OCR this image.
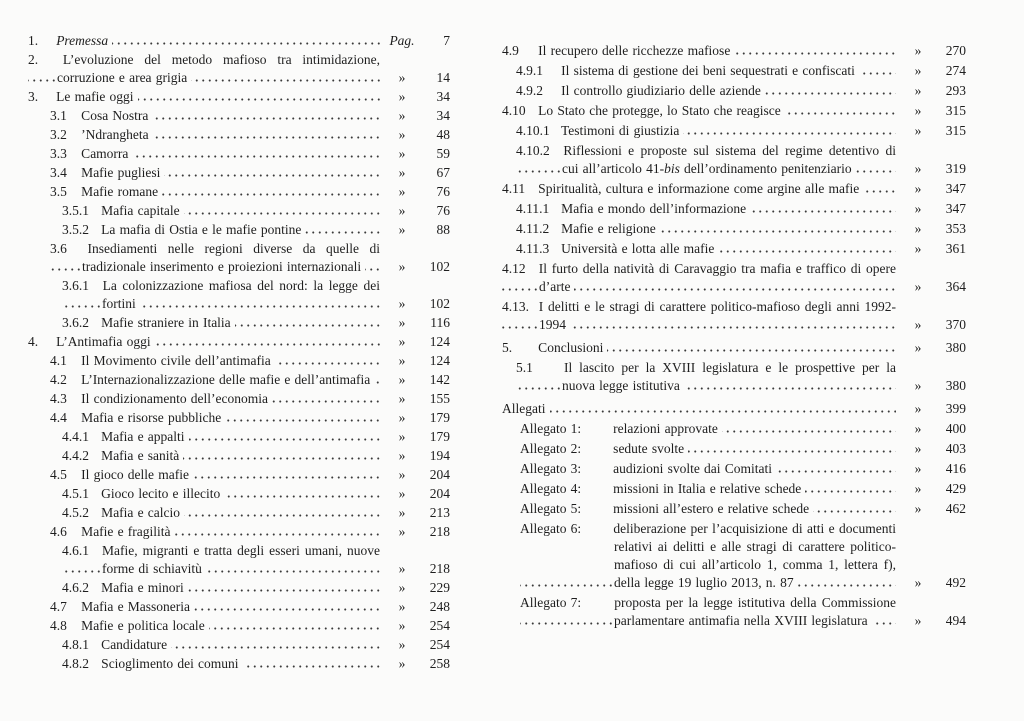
1. Premessa	Pag.	7
2. L’evoluzione del metodo mafioso tra intimidazione, corruzione e area grigia	»	14
3. Le mafie oggi	»	34
3.1 Cosa Nostra	»	34
3.2 ’Ndrangheta	»	48
3.3 Camorra	»	59
3.4 Mafie pugliesi	»	67
3.5 Mafie romane	»	76
3.5.1 Mafia capitale	»	76
3.5.2 La mafia di Ostia e le mafie pontine	»	88
3.6 Insediamenti nelle regioni diverse da quelle di tradizionale inserimento e proiezioni internazionali	»	102
3.6.1 La colonizzazione mafiosa del nord: la legge dei fortini	»	102
3.6.2 Mafie straniere in Italia	»	116
4. L’Antimafia oggi	»	124
4.1 Il Movimento civile dell’antimafia	»	124
4.2 L’Internazionalizzazione delle mafie e dell’antimafia	»	142
4.3 Il condizionamento dell’economia	»	155
4.4 Mafia e risorse pubbliche	»	179
4.4.1 Mafia e appalti	»	179
4.4.2 Mafia e sanità	»	194
4.5 Il gioco delle mafie	»	204
4.5.1 Gioco lecito e illecito	»	204
4.5.2 Mafia e calcio	»	213
4.6 Mafie e fragilità	»	218
4.6.1 Mafie, migranti e tratta degli esseri umani, nuove forme di schiavitù	»	218
4.6.2 Mafia e minori	»	229
4.7 Mafia e Massoneria	»	248
4.8 Mafie e politica locale	»	254
4.8.1 Candidature	»	254
4.8.2 Scioglimento dei comuni	»	258
4.9 Il recupero delle ricchezze mafiose	»	270
4.9.1 Il sistema di gestione dei beni sequestrati e confiscati	»	274
4.9.2 Il controllo giudiziario delle aziende	»	293
4.10 Lo Stato che protegge, lo Stato che reagisce	»	315
4.10.1 Testimoni di giustizia	»	315
4.10.2 Riflessioni e proposte sul sistema del regime detentivo di cui all’articolo 41-bis dell’ordinamento penitenziario	»	319
4.11 Spiritualità, cultura e informazione come argine alle mafie	»	347
4.11.1 Mafia e mondo dell’informazione	»	347
4.11.2 Mafie e religione	»	353
4.11.3 Università e lotta alle mafie	»	361
4.12 Il furto della natività di Caravaggio tra mafia e traffico di opere d’arte	»	364
4.13. I delitti e le stragi di carattere politico-mafioso degli anni 1992-1994	»	370
5. Conclusioni	»	380
5.1 Il lascito per la XVIII legislatura e le prospettive per la nuova legge istitutiva	»	380
Allegati	»	399
Allegato 1: relazioni approvate	»	400
Allegato 2: sedute svolte	»	403
Allegato 3: audizioni svolte dai Comitati	»	416
Allegato 4: missioni in Italia e relative schede	»	429
Allegato 5: missioni all’estero e relative schede	»	462
Allegato 6: deliberazione per l’acquisizione di atti e documenti relativi ai delitti e alle stragi di carattere politico-mafioso di cui all’articolo 1, comma 1, lettera f), della legge 19 luglio 2013, n. 87	»	492
Allegato 7: proposta per la legge istitutiva della Commissione parlamentare antimafia nella XVIII legislatura	»	494
